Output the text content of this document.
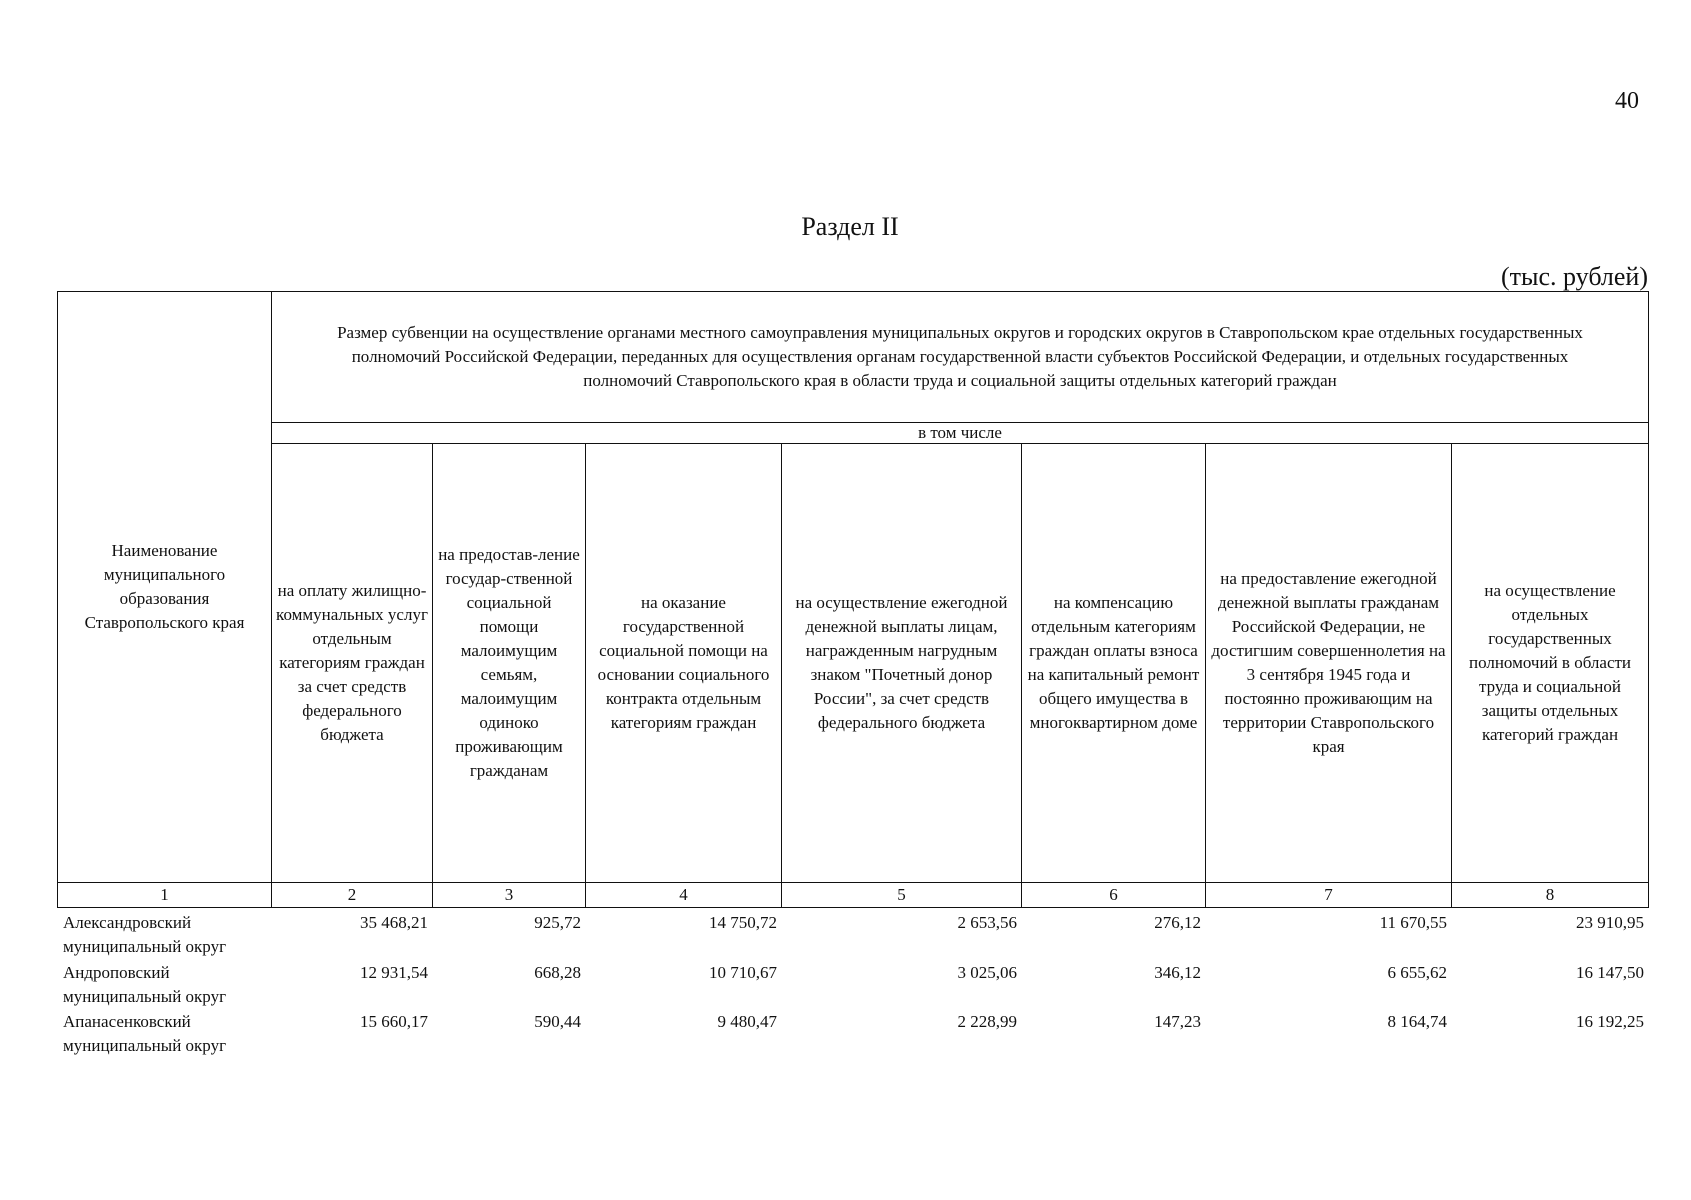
40
Раздел II
(тыс. рублей)
Наименование муниципального образования Ставропольского края	Размер субвенции на осуществление органами местного самоуправления муниципальных округов и городских округов в Ставропольском крае отдельных государственных полномочий Российской Федерации, переданных для осуществления органам государственной власти субъектов Российской Федерации, и отдельных государственных полномочий Ставропольского края в области труда и социальной защиты отдельных категорий граждан						
	в том числе						
	на оплату жилищно-коммунальных услуг отдельным категориям граждан за счет средств федерального бюджета	на предостав-ление государ-ственной социальной помощи малоимущим семьям, малоимущим одиноко проживающим гражданам	на оказание государственной социальной помощи на основании социального контракта отдельным категориям граждан	на осуществление ежегодной денежной выплаты лицам, награжденным нагрудным знаком "Почетный донор России", за счет средств федерального бюджета	на компенсацию отдельным категориям граждан оплаты взноса на капитальный ремонт общего имущества в многоквартирном доме	на предоставление ежегодной денежной выплаты гражданам Российской Федерации, не достигшим совершеннолетия на 3 сентября 1945 года и постоянно проживающим на территории Ставропольского края	на осуществление отдельных государственных полномочий в области труда и социальной защиты отдельных категорий граждан
1	2	3	4	5	6	7	8
Александровский муниципальный округ	35 468,21	925,72	14 750,72	2 653,56	276,12	11 670,55	23 910,95
Андроповский муниципальный округ	12 931,54	668,28	10 710,67	3 025,06	346,12	6 655,62	16 147,50
Апанасенковский муниципальный округ	15 660,17	590,44	9 480,47	2 228,99	147,23	8 164,74	16 192,25
